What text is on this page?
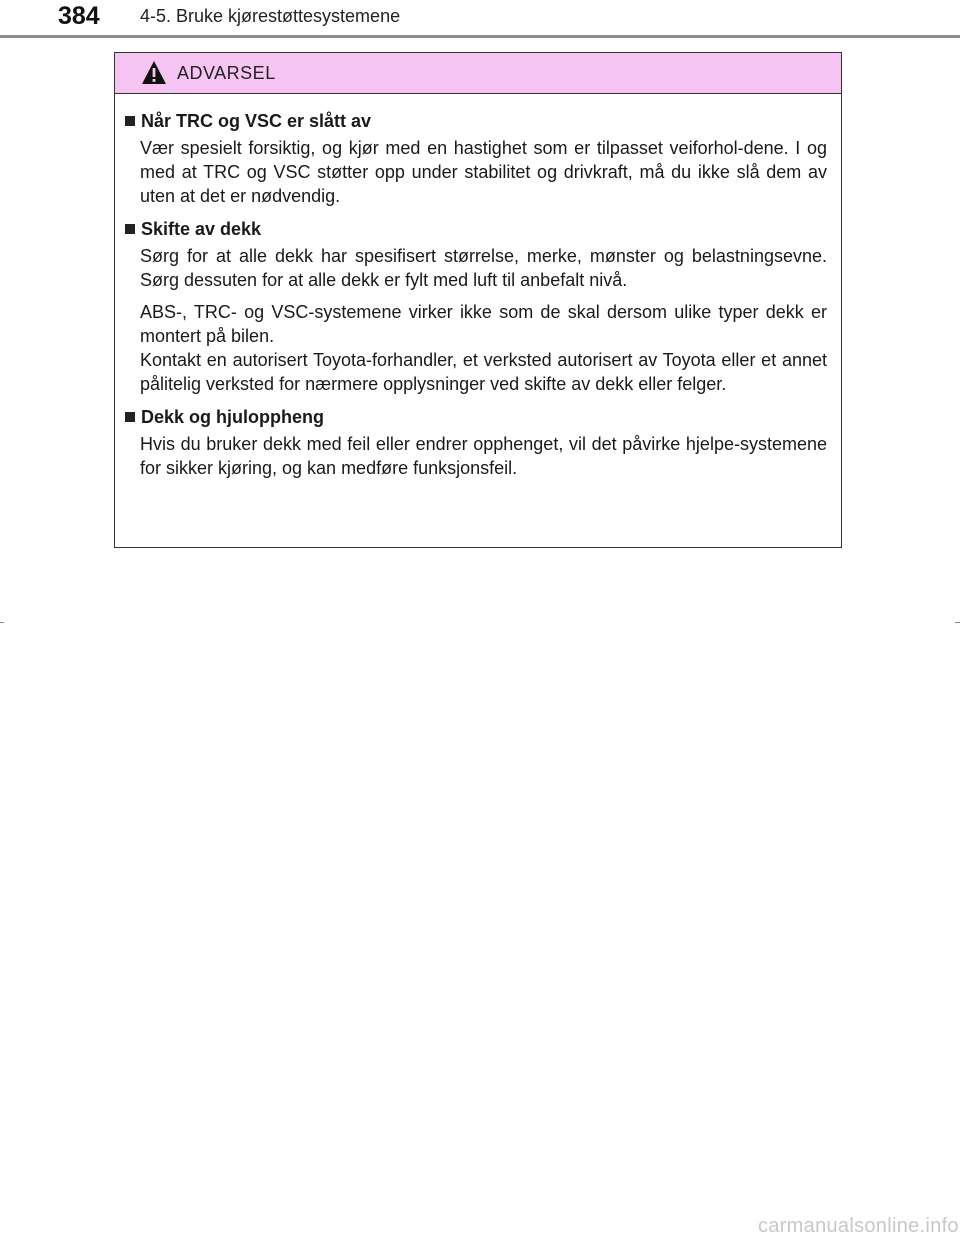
384 4-5. Bruke kjørestøttesystemene
ADVARSEL
Når TRC og VSC er slått av

Vær spesielt forsiktig, og kjør med en hastighet som er tilpasset veiforhol-dene. I og med at TRC og VSC støtter opp under stabilitet og drivkraft, må du ikke slå dem av uten at det er nødvendig.

Skifte av dekk

Sørg for at alle dekk har spesifisert størrelse, merke, mønster og belastningsevne. Sørg dessuten for at alle dekk er fylt med luft til anbefalt nivå.

ABS-, TRC- og VSC-systemene virker ikke som de skal dersom ulike typer dekk er montert på bilen.

Kontakt en autorisert Toyota-forhandler, et verksted autorisert av Toyota eller et annet pålitelig verksted for nærmere opplysninger ved skifte av dekk eller felger.

Dekk og hjuloppheng

Hvis du bruker dekk med feil eller endrer opphenget, vil det påvirke hjelpe-systemene for sikker kjøring, og kan medføre funksjonsfeil.

carmanualsonline.info
